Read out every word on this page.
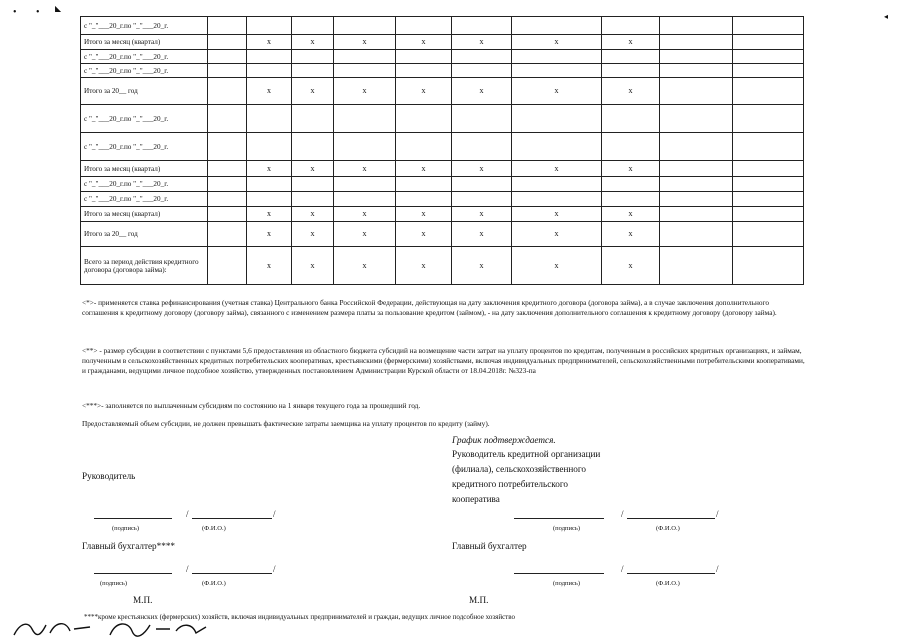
• • ◣
◂
с "_"___20_г.по "_"___20_г.										
Итого за месяц (квартал)		х	х	х	х	х	х	х		
с "_"___20_г.по "_"___20_г.										
с "_"___20_г.по "_"___20_г.										
Итого за 20__ год		х	х	х	х	х	х	х		
с "_"___20_г.по "_"___20_г.										
с "_"___20_г.по "_"___20_г.										
Итого за месяц (квартал)		х	х	х	х	х	х	х		
с "_"___20_г.по "_"___20_г.										
с "_"___20_г.по "_"___20_г.										
Итого за месяц (квартал)		х	х	х	х	х	х	х		
Итого за 20__ год		х	х	х	х	х	х	х		
Всего за период действия кредитного договора (договора займа):		х	х	х	х	х	х	х		
<*>- применяется ставка рефинансирования (учетная ставка) Центрального банка Российской Федерации, действующая на дату заключения кредитного договора (договора займа), а в случае заключения дополнительного соглашения к кредитному договору (договору займа), связанного с изменением размера платы за пользование кредитом (займом), - на дату заключения дополнительного соглашения к кредитному договору (договору займа).
<**> - размер субсидии в соответствии с пунктами 5,6 предоставления из областного бюджета субсидий на возмещение части затрат на уплату процентов по кредитам, полученным в российских кредитных организациях, и займам, полученным в сельскохозяйственных кредитных потребительских кооперативах, крестьянскими (фермерскими) хозяйствами, включая индивидуальных предпринимателей, сельскохозяйственными потребительскими кооперативами, и гражданами, ведущими личное подсобное хозяйство, утвержденных постановлением Администрации Курской области от 18.04.2018г. №323-па
<***>- заполняется по выплаченным субсидиям по состоянию на 1 января текущего года за прошедший год.
Предоставляемый объем субсидии, не должен превышать фактические затраты заемщика на уплату процентов по кредиту (займу).
График подтверждается.
Руководитель кредитной организации
(филиала), сельскохозяйственного
кредитного потребительского
кооператива
Руководитель
/	/
(подпись)	(Ф.И.О.)
/	/
(подпись)	(Ф.И.О.)
Главный бухгалтер****	Главный бухгалтер
/	/
(подпись)	(Ф.И.О.)
/	/
(подпись)	(Ф.И.О.)
М.П.	М.П.
****кроме крестьянских (фермерских) хозяйств, включая индивидуальных предпринимателей и граждан, ведущих личное подсобное хозяйство
